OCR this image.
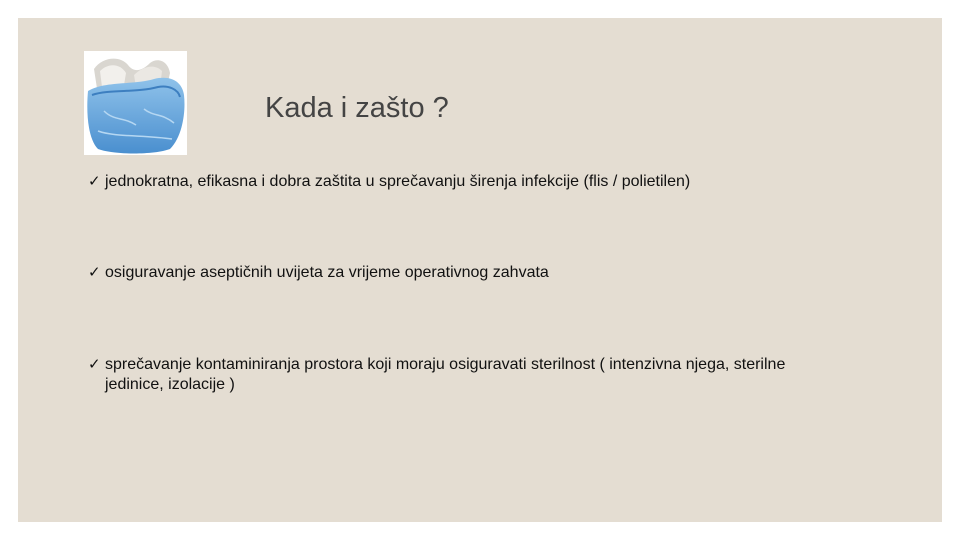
Kada i zašto ?
✓ jednokratna, efikasna i dobra zaštita u sprečavanju širenja infekcije (flis / polietilen)
✓ osiguravanje aseptičnih uvijeta za vrijeme operativnog zahvata
✓ sprečavanje kontaminiranja prostora koji moraju osiguravati sterilnost ( intenzivna njega, sterilne
jedinice, izolacije )
